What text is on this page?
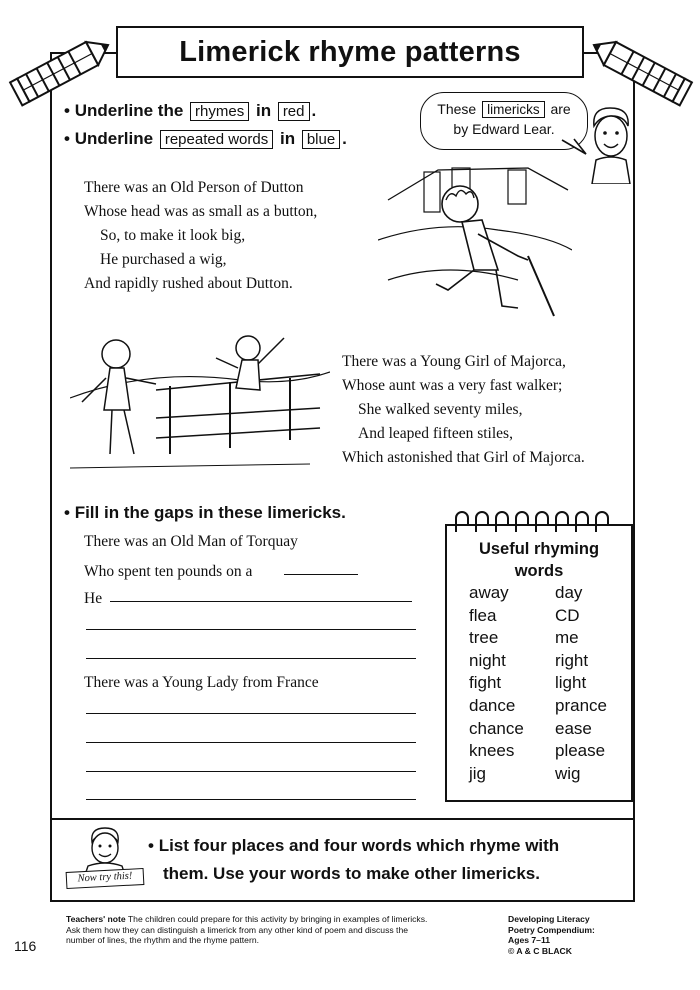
Limerick rhyme patterns
• Underline the rhymes in red .
• Underline repeated words in blue .
These limericks are
by Edward Lear.
There was an Old Person of Dutton
Whose head was as small as a button,
So, to make it look big,
He purchased a wig,
And rapidly rushed about Dutton.
There was a Young Girl of Majorca,
Whose aunt was a very fast walker;
She walked seventy miles,
And leaped fifteen stiles,
Which astonished that Girl of Majorca.
• Fill in the gaps in these limericks.
There was an Old Man of Torquay
Who spent ten pounds on a
He
There was a Young Lady from France
Useful rhyming
words
away	day
flea	CD
tree	me
night	right
fight	light
dance	prance
chance	ease
knees	please
jig	wig
Now try this!
• List four places and four words which rhyme with
them. Use your words to make other limericks.
116
Teachers' note The children could prepare for this activity by bringing in examples of limericks.
Ask them how they can distinguish a limerick from any other kind of poem and discuss the
number of lines, the rhythm and the rhyme pattern.
Developing Literacy
Poetry Compendium:
Ages 7–11
© A & C BLACK
